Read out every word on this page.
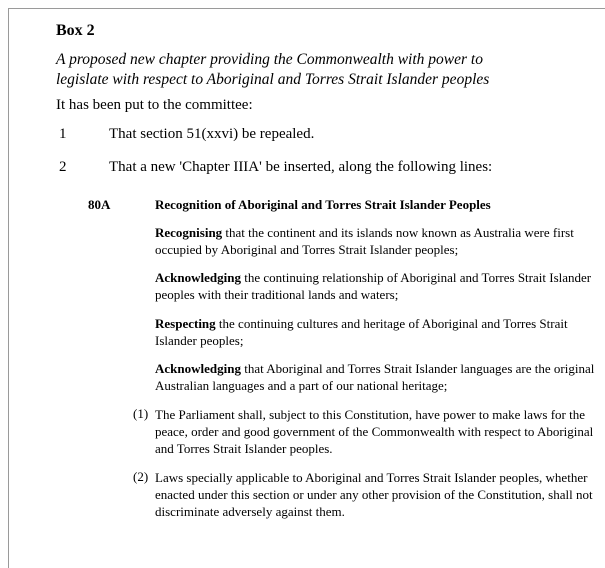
Box 2
A proposed new chapter providing the Commonwealth with power to
legislate with respect to Aboriginal and Torres Strait Islander peoples
It has been put to the committee:
1	That section 51(xxvi) be repealed.
2	That a new 'Chapter IIIA' be inserted, along the following lines:
80A	Recognition of Aboriginal and Torres Strait Islander Peoples
Recognising that the continent and its islands now known as Australia were first occupied by Aboriginal and Torres Strait Islander peoples;
Acknowledging the continuing relationship of Aboriginal and Torres Strait Islander peoples with their traditional lands and waters;
Respecting the continuing cultures and heritage of Aboriginal and Torres Strait Islander peoples;
Acknowledging that Aboriginal and Torres Strait Islander languages are the original Australian languages and a part of our national heritage;
(1) The Parliament shall, subject to this Constitution, have power to make laws for the peace, order and good government of the Commonwealth with respect to Aboriginal and Torres Strait Islander peoples.
(2) Laws specially applicable to Aboriginal and Torres Strait Islander peoples, whether enacted under this section or under any other provision of the Constitution, shall not discriminate adversely against them.
